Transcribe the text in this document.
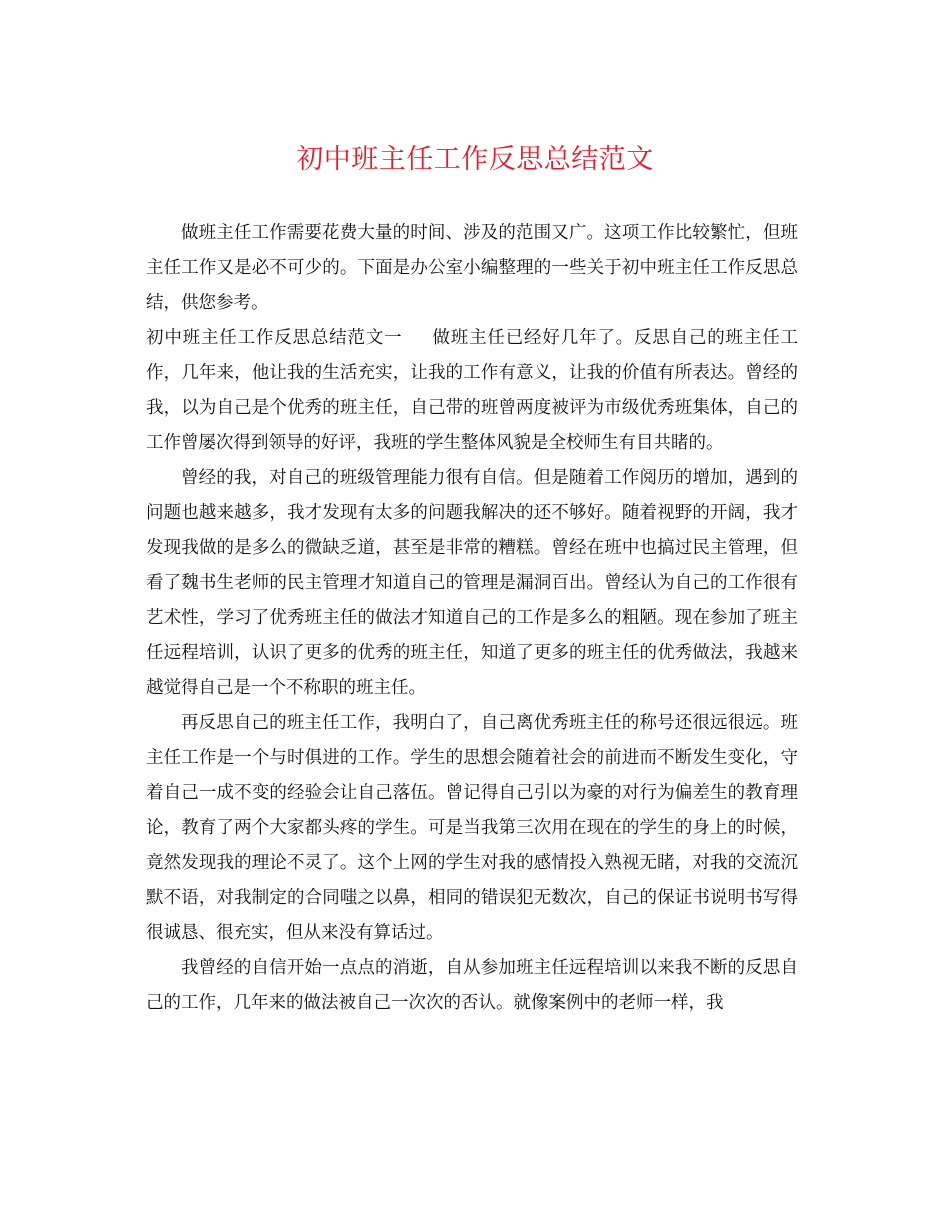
初中班主任工作反思总结范文

做班主任工作需要花费大量的时间、涉及的范围又广。这项工作比较繁忙，但班主任工作又是必不可少的。下面是办公室小编整理的一些关于初中班主任工作反思总结，供您参考。

初中班主任工作反思总结范文一 做班主任已经好几年了。反思自己的班主任工作，几年来，他让我的生活充实，让我的工作有意义，让我的价值有所表达。曾经的我，以为自己是个优秀的班主任，自己带的班曾两度被评为市级优秀班集体，自己的工作曾屡次得到领导的好评，我班的学生整体风貌是全校师生有目共睹的。

曾经的我，对自己的班级管理能力很有自信。但是随着工作阅历的增加，遇到的问题也越来越多，我才发现有太多的问题我解决的还不够好。随着视野的开阔，我才发现我做的是多么的微缺乏道，甚至是非常的糟糕。曾经在班中也搞过民主管理，但看了魏书生老师的民主管理才知道自己的管理是漏洞百出。曾经认为自己的工作很有艺术性，学习了优秀班主任的做法才知道自己的工作是多么的粗陋。现在参加了班主任远程培训，认识了更多的优秀的班主任，知道了更多的班主任的优秀做法，我越来越觉得自己是一个不称职的班主任。

再反思自己的班主任工作，我明白了，自己离优秀班主任的称号还很远很远。班主任工作是一个与时俱进的工作。学生的思想会随着社会的前进而不断发生变化，守着自己一成不变的经验会让自己落伍。曾记得自己引以为豪的对行为偏差生的教育理论，教育了两个大家都头疼的学生。可是当我第三次用在现在的学生的身上的时候，竟然发现我的理论不灵了。这个上网的学生对我的感情投入熟视无睹，对我的交流沉默不语，对我制定的合同嗤之以鼻，相同的错误犯无数次，自己的保证书说明书写得很诚恳、很充实，但从来没有算话过。

我曾经的自信开始一点点的消逝，自从参加班主任远程培训以来我不断的反思自己的工作，几年来的做法被自己一次次的否认。就像案例中的老师一样，我
